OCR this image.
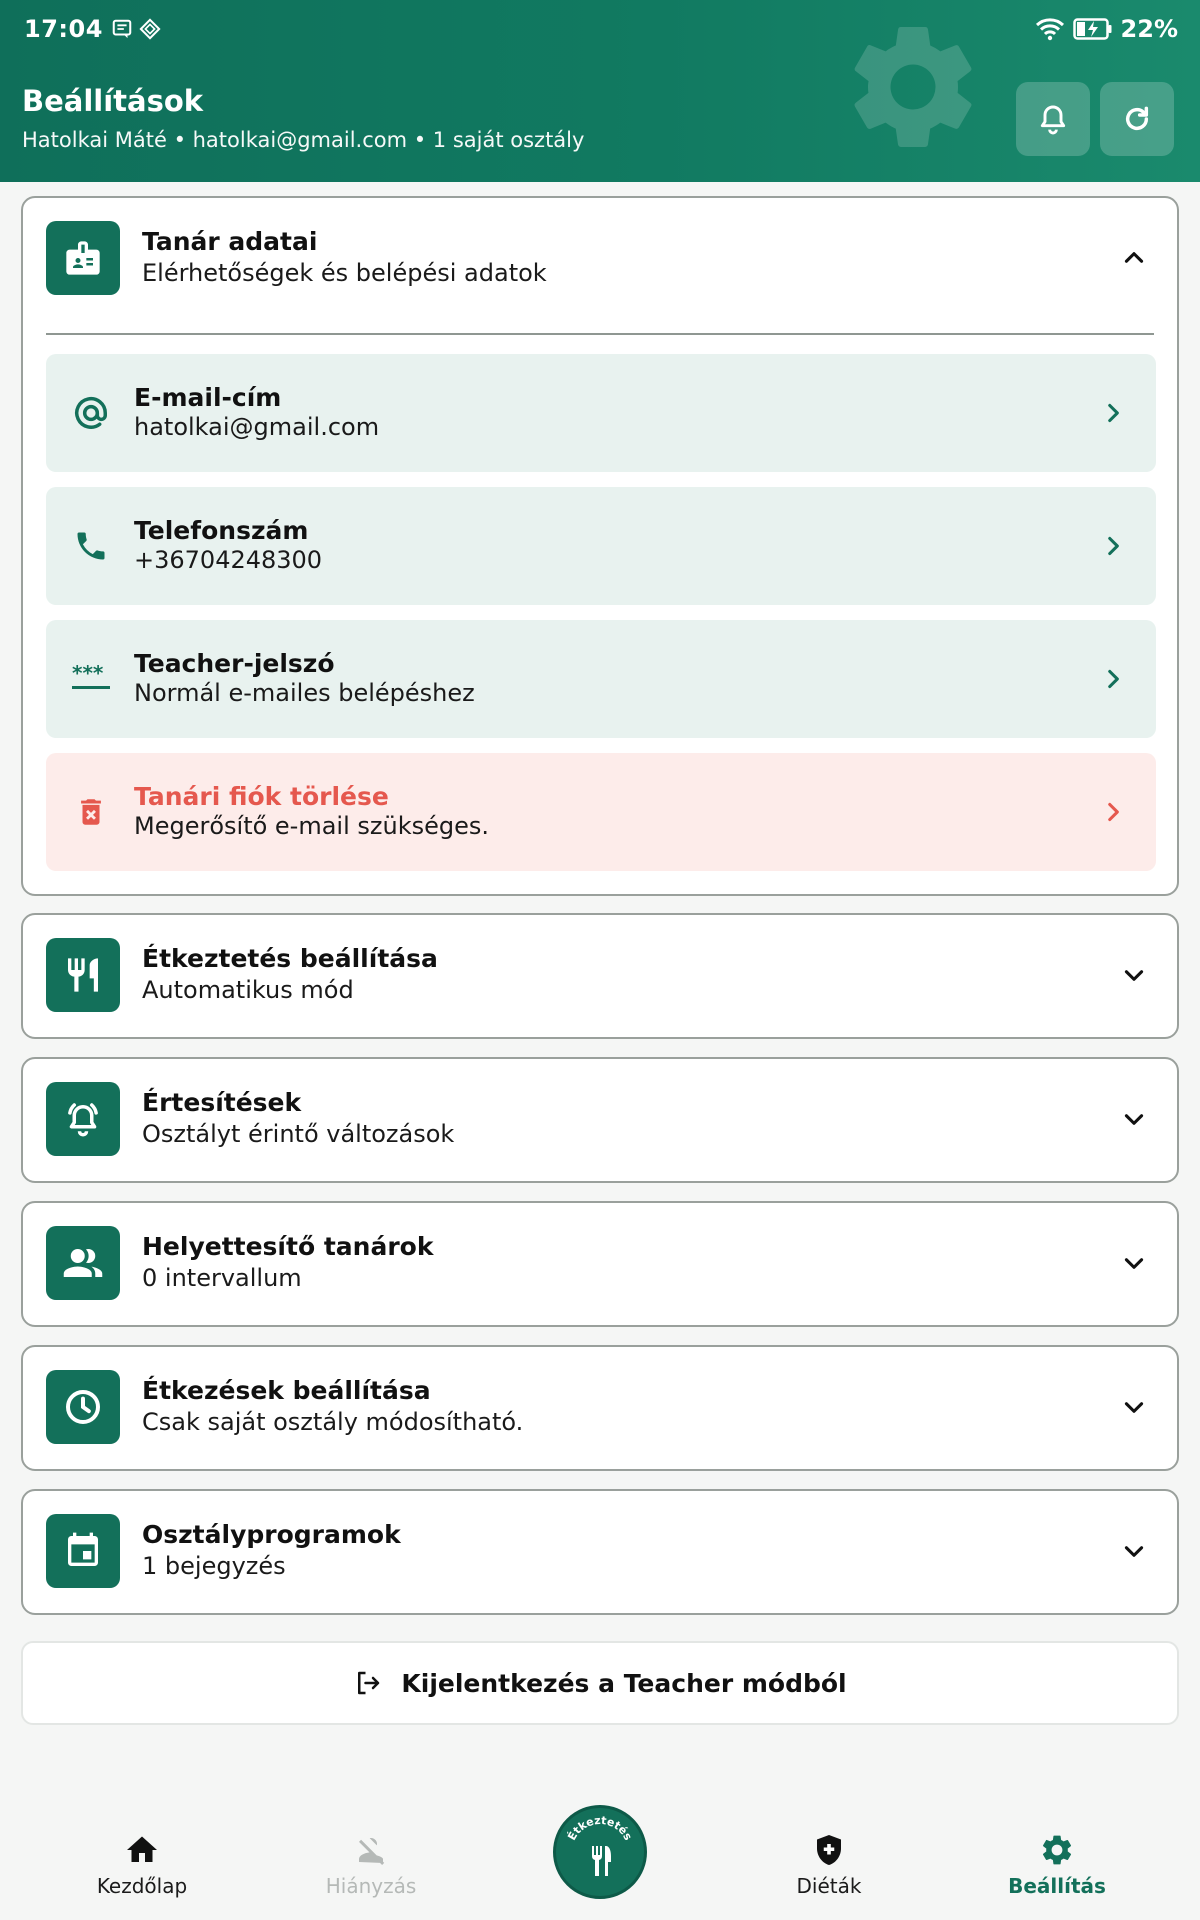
17:04	22%
Beállítások
Hatolkai Máté • hatolkai@gmail.com • 1 saját osztály
Tanár adatai
Elérhetőségek és belépési adatok
E-mail-cím
hatolkai@gmail.com
Telefonszám
+36704248300
*** Teacher-jelszó
Normál e-mailes belépéshez
Tanári fiók törlése
Megerősítő e-mail szükséges.
Étkeztetés beállítása
Automatikus mód
Értesítések
Osztályt érintő változások
Helyettesítő tanárok
0 intervallum
Étkezések beállítása
Csak saját osztály módosítható.
Osztályprogramok
1 bejegyzés
Kijelentkezés a Teacher módból
Kezdőlap	Hiányzás
Étkeztetés
Diéták	Beállítás
